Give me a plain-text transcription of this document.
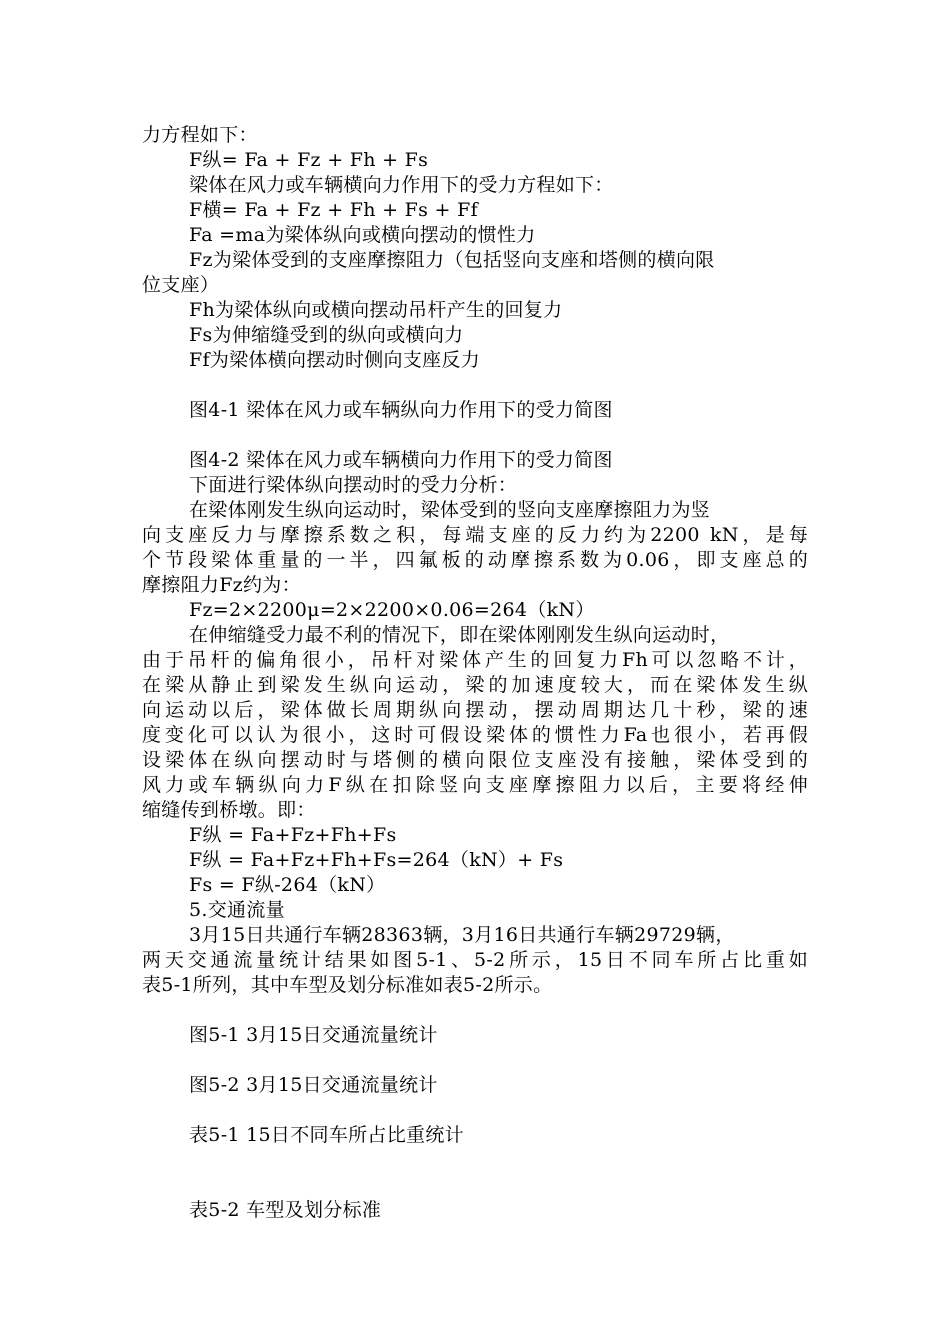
力方程如下：
F纵= Fa + Fz + Fh + Fs
梁体在风力或车辆横向力作用下的受力方程如下：
F横= Fa + Fz + Fh + Fs + Ff
Fa =ma为梁体纵向或横向摆动的惯性力
Fz为梁体受到的支座摩擦阻力（包括竖向支座和塔侧的横向限
位支座）
Fh为梁体纵向或横向摆动吊杆产生的回复力
Fs为伸缩缝受到的纵向或横向力
Ff为梁体横向摆动时侧向支座反力
图4-1 梁体在风力或车辆纵向力作用下的受力简图
图4-2 梁体在风力或车辆横向力作用下的受力简图
下面进行梁体纵向摆动时的受力分析：
在梁体刚发生纵向运动时，梁体受到的竖向支座摩擦阻力为竖
向支座反力与摩擦系数之积，每端支座的反力约为2200 kN，是每
个节段梁体重量的一半，四氟板的动摩擦系数为0.06，即支座总的
摩擦阻力Fz约为：
Fz=2×2200μ=2×2200×0.06=264（kN）
在伸缩缝受力最不利的情况下，即在梁体刚刚发生纵向运动时，
由于吊杆的偏角很小，吊杆对梁体产生的回复力Fh可以忽略不计，
在梁从静止到梁发生纵向运动，梁的加速度较大，而在梁体发生纵
向运动以后，梁体做长周期纵向摆动，摆动周期达几十秒，梁的速
度变化可以认为很小，这时可假设梁体的惯性力Fa也很小，若再假
设梁体在纵向摆动时与塔侧的横向限位支座没有接触，梁体受到的
风力或车辆纵向力F纵在扣除竖向支座摩擦阻力以后，主要将经伸
缩缝传到桥墩。即：
F纵 = Fa+Fz+Fh+Fs
F纵 = Fa+Fz+Fh+Fs=264（kN）+ Fs
Fs = F纵-264（kN）
5.交通流量
3月15日共通行车辆28363辆，3月16日共通行车辆29729辆，
两天交通流量统计结果如图5-1、5-2所示，15日不同车所占比重如
表5-1所列，其中车型及划分标准如表5-2所示。
图5-1 3月15日交通流量统计
图5-2 3月15日交通流量统计
表5-1 15日不同车所占比重统计
表5-2 车型及划分标准
